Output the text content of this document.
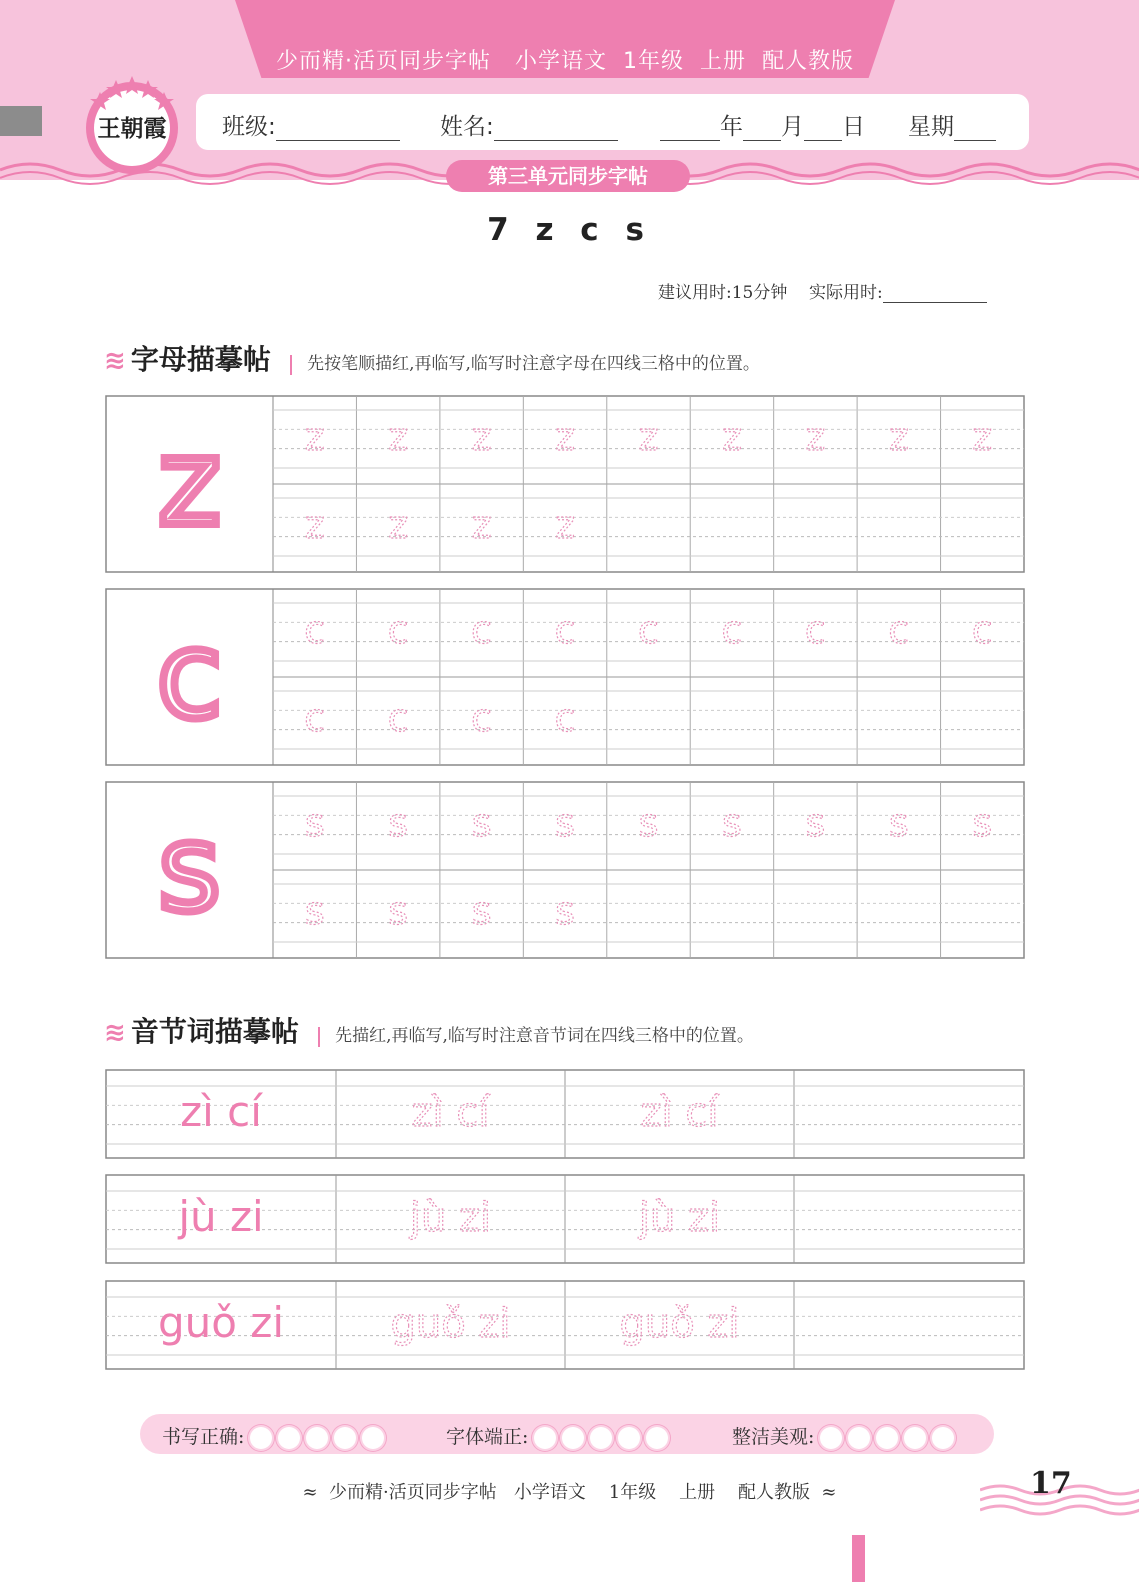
少而精·活页同步字帖   小学语文  1年级  上册  配人教版
班级:	姓名:	年 月 日 星期
王朝霞
第三单元同步字帖
7 z c s
建议用时:15分钟 实际用时:
≋ 字母描摹帖 先按笔顺描红,再临写,临写时注意字母在四线三格中的位置。
z z z z z z z z z z
z z z z
c c c c c c c c c c
c c c c
s s s s s s s s s s
s s s s
≋ 音节词描摹帖 先描红,再临写,临写时注意音节词在四线三格中的位置。
zì cí	zì cí	zì cí
jù zi	jù zi	jù zi
guǒ zi	guǒ zi	guǒ zi
书写正确:	字体端正:	整洁美观:
≈  少而精·活页同步字帖   小学语文    1年级    上册    配人教版  ≈	17
